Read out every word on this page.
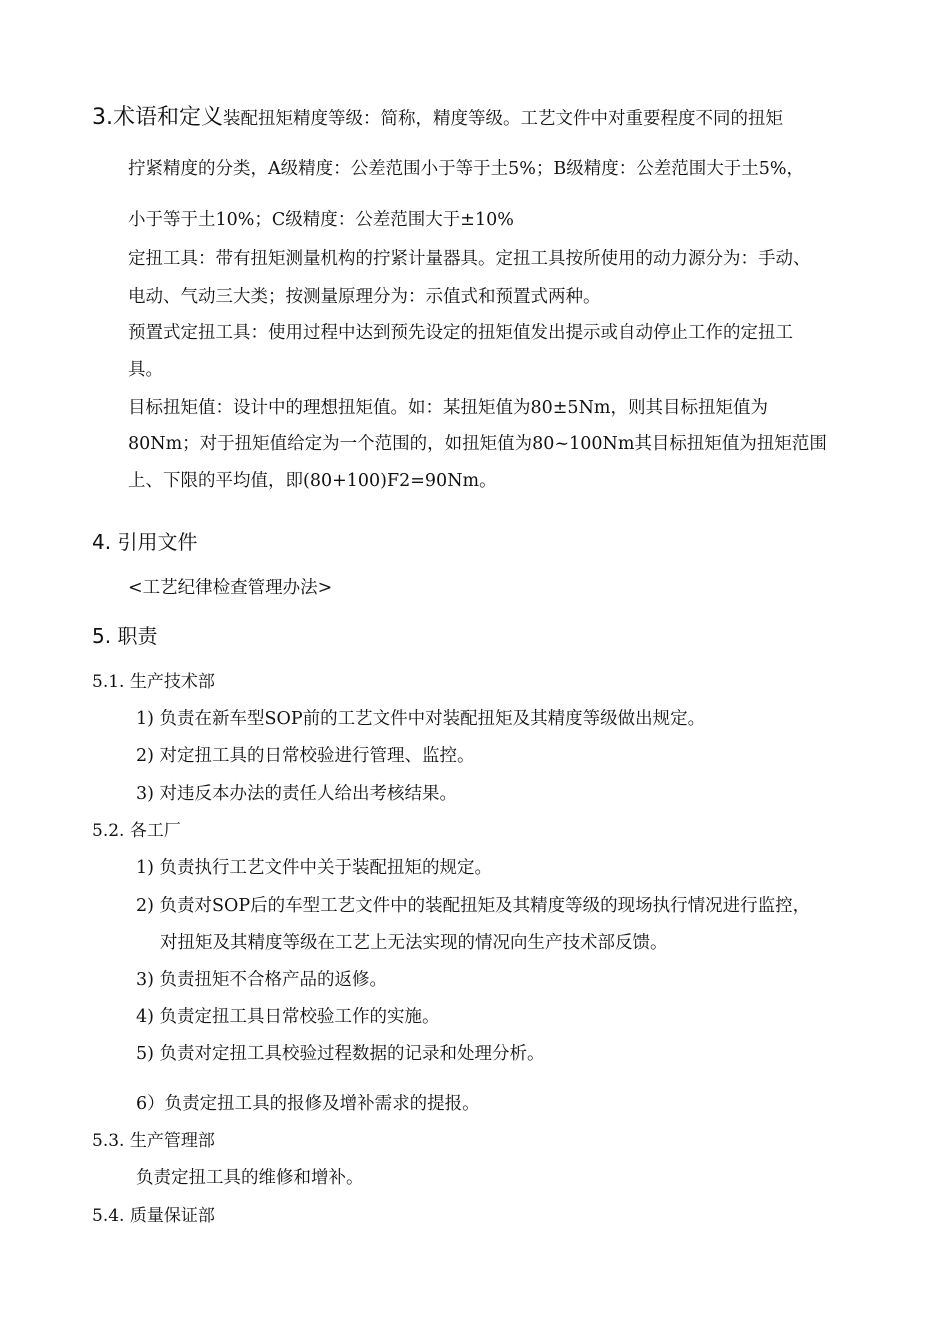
3.术语和定义装配扭矩精度等级：简称，精度等级。工艺文件中对重要程度不同的扭矩
拧紧精度的分类，A级精度：公差范围小于等于土5%；B级精度：公差范围大于土5%，
小于等于土10%；C级精度：公差范围大于±10%
定扭工具：带有扭矩测量机构的拧紧计量器具。定扭工具按所使用的动力源分为：手动、
电动、气动三大类；按测量原理分为：示值式和预置式两种。
预置式定扭工具：使用过程中达到预先设定的扭矩值发出提示或自动停止工作的定扭工
具。
目标扭矩值：设计中的理想扭矩值。如：某扭矩值为80±5Nm，则其目标扭矩值为
80Nm；对于扭矩值给定为一个范围的，如扭矩值为80~100Nm其目标扭矩值为扭矩范围
上、下限的平均值，即(80+100)F2=90Nm。
4. 引用文件
<工艺纪律检查管理办法>
5. 职责
5.1. 生产技术部
1) 负责在新车型SOP前的工艺文件中对装配扭矩及其精度等级做出规定。
2) 对定扭工具的日常校验进行管理、监控。
3) 对违反本办法的责任人给出考核结果。
5.2. 各工厂
1) 负责执行工艺文件中关于装配扭矩的规定。
2) 负责对SOP后的车型工艺文件中的装配扭矩及其精度等级的现场执行情况进行监控，
对扭矩及其精度等级在工艺上无法实现的情况向生产技术部反馈。
3) 负责扭矩不合格产品的返修。
4) 负责定扭工具日常校验工作的实施。
5) 负责对定扭工具校验过程数据的记录和处理分析。
6）负责定扭工具的报修及增补需求的提报。
5.3. 生产管理部
负责定扭工具的维修和增补。
5.4. 质量保证部
